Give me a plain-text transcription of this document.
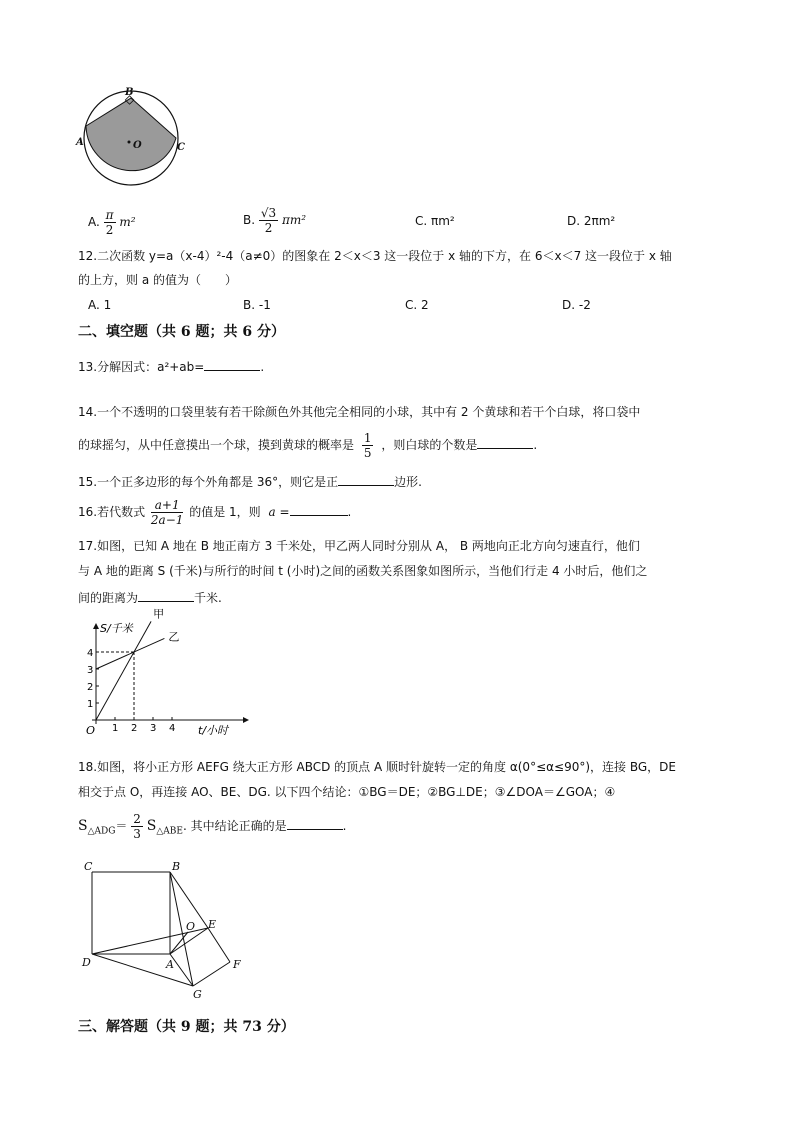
B
A	C
O
A. $\frac{\pi}{2} m^2$	B. $\frac{√3}{2} \pi m^2$	C. πm²	D. 2πm²
12.二次函数 y=a（x-4）²-4（a≠0）的图象在 2＜x＜3 这一段位于 x 轴的下方，在 6＜x＜7 这一段位于 x 轴
的上方，则 a 的值为（　　）
A. 1	B. -1	C. 2	D. -2
二、填空题（共 6 题；共 6 分）
13.分解因式：a²+ab=	.
14.一个不透明的口袋里装有若干除颜色外其他完全相同的小球，其中有 2 个黄球和若干个白球，将口袋中
的球摇匀，从中任意摸出一个球，摸到黄球的概率是 $\frac{1}{5}$ ，则白球的个数是	.
15.一个正多边形的每个外角都是 36°，则它是正	边形.
16.若代数式 $\frac{a+1}{2a-1}$ 的值是 1，则 a =	.
17.如图，已知 A 地在 B 地正南方 3 千米处，甲乙两人同时分别从 A， B 两地向正北方向匀速直行，他们
与 A 地的距离 S (千米)与所行的时间 t (小时)之间的函数关系图象如图所示，当他们行走 4 小时后，他们之
间的距离为	千米.
1 2 3 4
1
2
3
4
甲
乙
S/千米
t/小时
O
18.如图，将小正方形 AEFG 绕大正方形 ABCD 的顶点 A 顺时针旋转一定的角度 α(0°≤α≤90°)，连接 BG，DE
相交于点 O，再连接 AO、BE、DG. 以下四个结论：①BG＝DE；②BG⊥DE；③∠DOA＝∠GOA；④
$S_{\triangle ADG}= \frac{2}{3} S_{\triangle ABE}$. 其中结论正确的是	.
C	B
D	A
O E
F
G
三、解答题（共 9 题；共 73 分）
